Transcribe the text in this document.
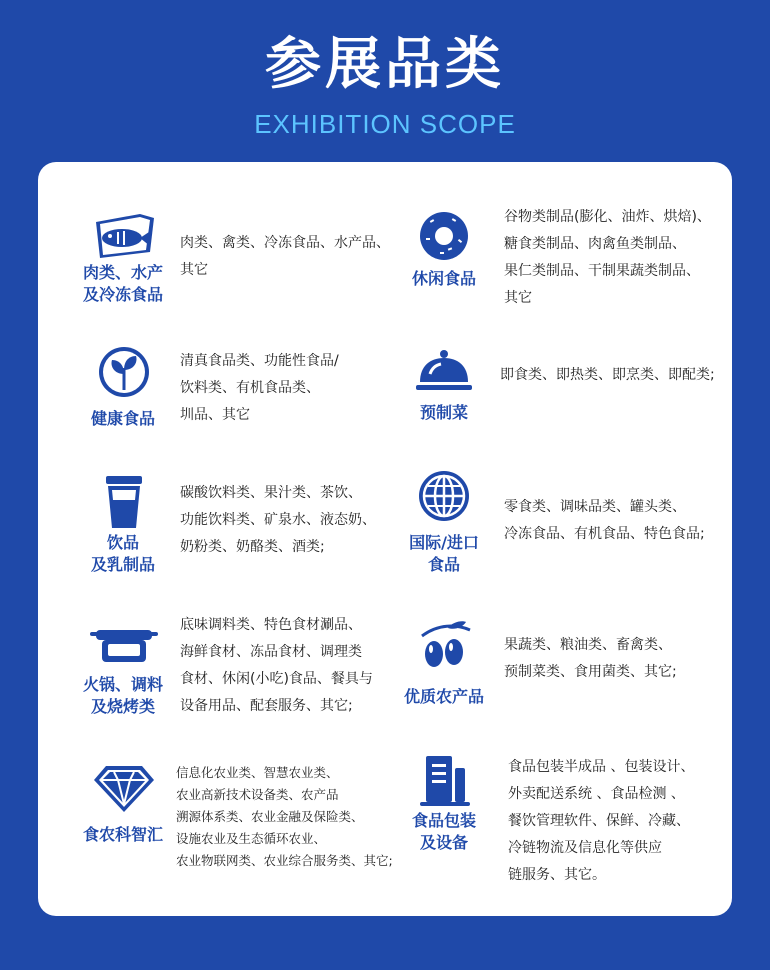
参展品类
EXHIBITION SCOPE
肉类、水产
及冷冻食品
肉类、禽类、冷冻食品、水产品、
其它	休闲食品
谷物类制品(膨化、油炸、烘焙)、
糖食类制品、肉禽鱼类制品、
果仁类制品、干制果蔬类制品、
其它
健康食品
清真食品类、功能性食品/
饮料类、有机食品类、
圳品、其它	预制菜
即食类、即热类、即烹类、即配类;
饮品
及乳制品
碳酸饮料类、果汁类、茶饮、
功能饮料类、矿泉水、液态奶、
奶粉类、奶酪类、酒类;	国际/进口
食品
零食类、调味品类、罐头类、
冷冻食品、有机食品、特色食品;
火锅、调料
及烧烤类
底味调料类、特色食材涮品、
海鲜食材、冻品食材、调理类
食材、休闲(小吃)食品、餐具与
设备用品、配套服务、其它;	优质农产品
果蔬类、粮油类、畜禽类、
预制菜类、食用菌类、其它;
食农科智汇
信息化农业类、智慧农业类、
农业高新技术设备类、农产品
溯源体系类、农业金融及保险类、
设施农业及生态循环农业、
农业物联网类、农业综合服务类、其它;
食品包装
及设备
食品包装半成品 、包装设计、
外卖配送系统 、食品检测 、
餐饮管理软件、保鲜、冷藏、
冷链物流及信息化等供应
链服务、其它。
